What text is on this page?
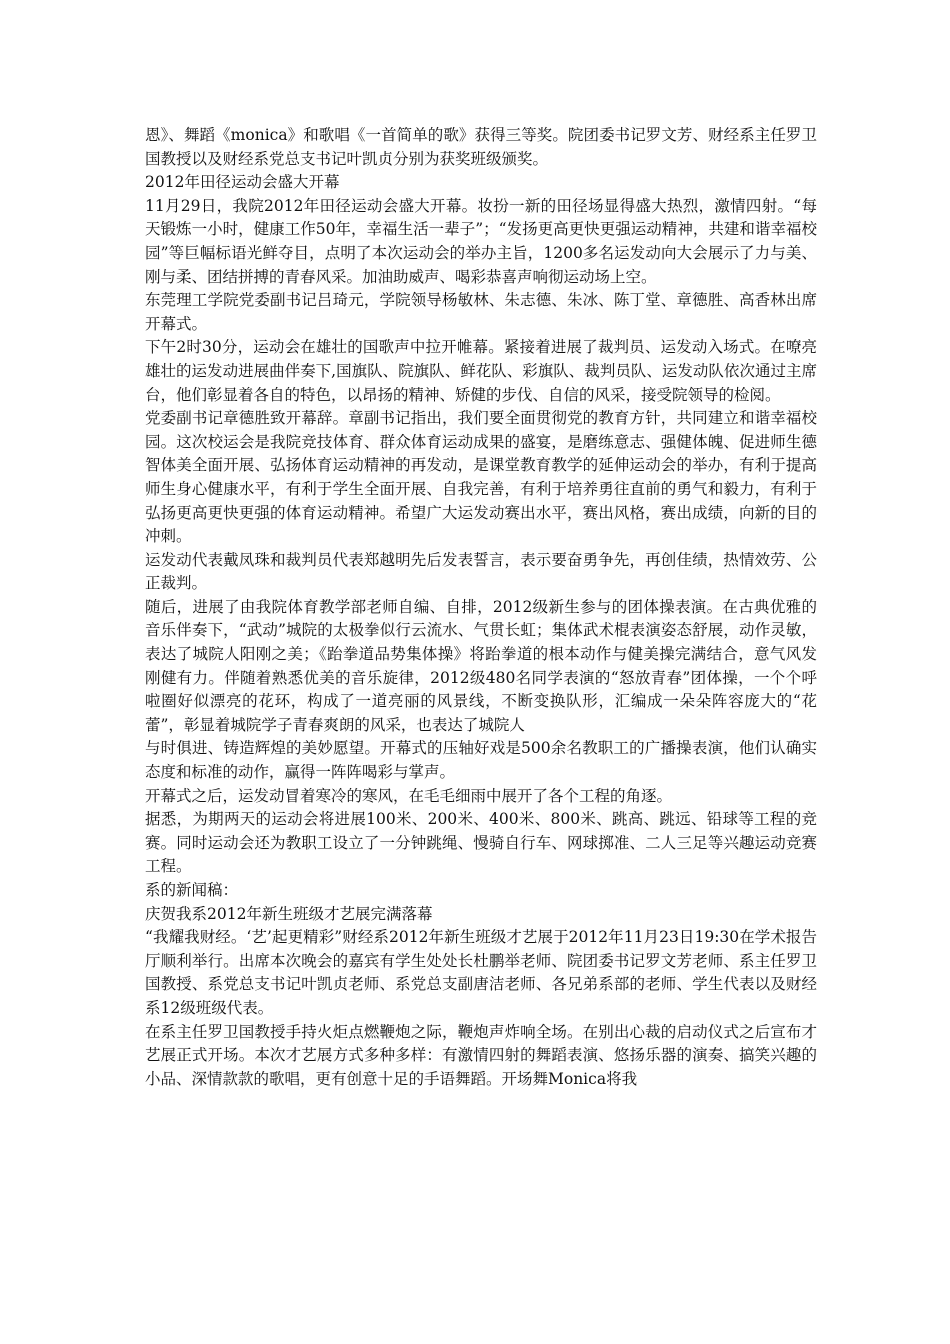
恩》、舞蹈《monica》和歌唱《一首简单的歌》获得三等奖。院团委书记罗文芳、财经系主任罗卫国教授以及财经系党总支书记叶凯贞分别为获奖班级颁奖。

2012年田径运动会盛大开幕

11月29日，我院2012年田径运动会盛大开幕。妆扮一新的田径场显得盛大热烈，激情四射。“每天锻炼一小时，健康工作50年，幸福生活一辈子”；“发扬更高更快更强运动精神，共建和谐幸福校园”等巨幅标语光鲜夺目，点明了本次运动会的举办主旨，1200多名运发动向大会展示了力与美、刚与柔、团结拼搏的青春风采。加油助威声、喝彩恭喜声响彻运动场上空。

东莞理工学院党委副书记吕琦元，学院领导杨敏林、朱志德、朱冰、陈丁堂、章德胜、高香林出席开幕式。

下午2时30分，运动会在雄壮的国歌声中拉开帷幕。紧接着进展了裁判员、运发动入场式。在嘹亮雄壮的运发动进展曲伴奏下,国旗队、院旗队、鲜花队、彩旗队、裁判员队、运发动队依次通过主席台，他们彰显着各自的特色，以昂扬的精神、矫健的步伐、自信的风采，接受院领导的检阅。

党委副书记章德胜致开幕辞。章副书记指出，我们要全面贯彻党的教育方针，共同建立和谐幸福校园。这次校运会是我院竞技体育、群众体育运动成果的盛宴，是磨练意志、强健体魄、促进师生德智体美全面开展、弘扬体育运动精神的再发动，是课堂教育教学的延伸运动会的举办，有利于提高师生身心健康水平，有利于学生全面开展、自我完善，有利于培养勇往直前的勇气和毅力，有利于弘扬更高更快更强的体育运动精神。希望广大运发动赛出水平，赛出风格，赛出成绩，向新的目的冲刺。

运发动代表戴凤珠和裁判员代表郑越明先后发表誓言，表示要奋勇争先，再创佳绩，热情效劳、公正裁判。

随后，进展了由我院体育教学部老师自编、自排，2012级新生参与的团体操表演。在古典优雅的音乐伴奏下，“武动”城院的太极拳似行云流水、气贯长虹；集体武术棍表演姿态舒展，动作灵敏，表达了城院人阳刚之美；《跆拳道品势集体操》将跆拳道的根本动作与健美操完满结合，意气风发刚健有力。伴随着熟悉优美的音乐旋律，2012级480名同学表演的“怒放青春”团体操，一个个呼啦圈好似漂亮的花环，构成了一道亮丽的风景线，不断变换队形，汇编成一朵朵阵容庞大的“花蕾”，彰显着城院学子青春爽朗的风采，也表达了城院人

与时俱进、铸造辉煌的美妙愿望。开幕式的压轴好戏是500余名教职工的广播操表演，他们认确实态度和标准的动作，赢得一阵阵喝彩与掌声。

开幕式之后，运发动冒着寒冷的寒风，在毛毛细雨中展开了各个工程的角逐。

据悉，为期两天的运动会将进展100米、200米、400米、800米、跳高、跳远、铅球等工程的竞赛。同时运动会还为教职工设立了一分钟跳绳、慢骑自行车、网球掷准、二人三足等兴趣运动竞赛工程。

系的新闻稿：

庆贺我系2012年新生班级才艺展完满落幕

“我耀我财经。‘艺’起更精彩”财经系2012年新生班级才艺展于2012年11月23日19:30在学术报告厅顺利举行。出席本次晚会的嘉宾有学生处处长杜鹏举老师、院团委书记罗文芳老师、系主任罗卫国教授、系党总支书记叶凯贞老师、系党总支副唐洁老师、各兄弟系部的老师、学生代表以及财经系12级班级代表。

在系主任罗卫国教授手持火炬点燃鞭炮之际，鞭炮声炸响全场。在别出心裁的启动仪式之后宣布才艺展正式开场。本次才艺展方式多种多样：有激情四射的舞蹈表演、悠扬乐器的演奏、搞笑兴趣的小品、深情款款的歌唱，更有创意十足的手语舞蹈。开场舞Monica将我
